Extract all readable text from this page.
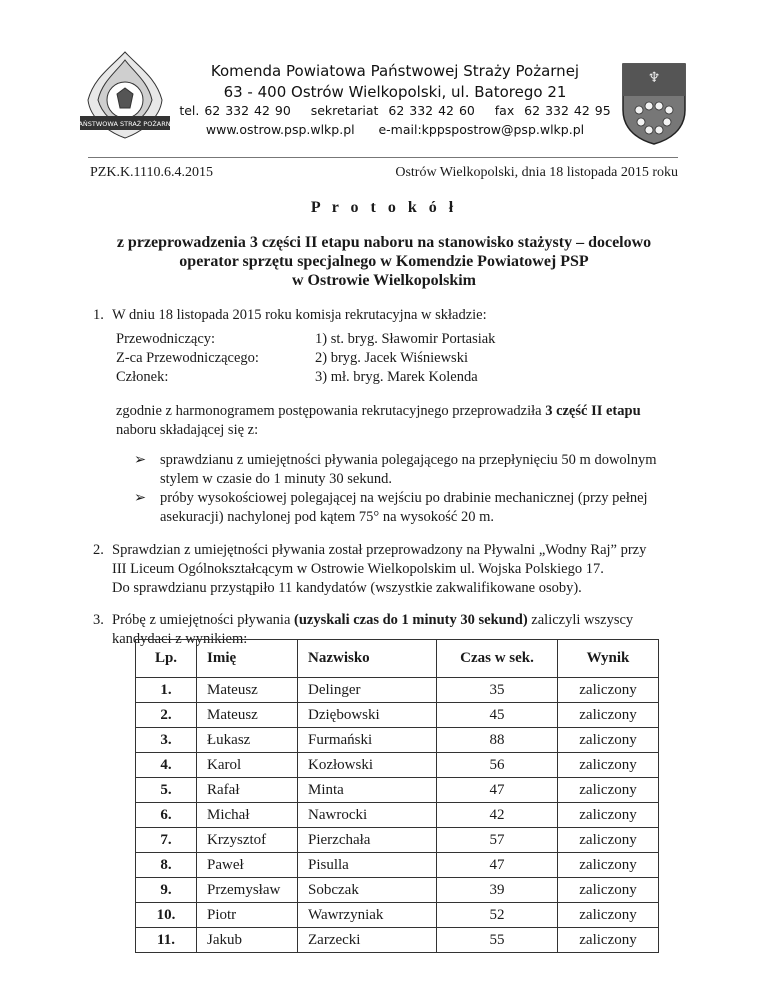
PAŃSTWOWA STRAŻ POŻARNA
♆
Komenda Powiatowa Państwowej Straży Pożarnej
63 - 400 Ostrów Wielkopolski, ul. Batorego 21
tel. 62 332 42 90    sekretariat  62 332 42 60    fax  62 332 42 95
www.ostrow.psp.wlkp.pl      e-mail:kppspostrow@psp.wlkp.pl
PZK.K.1110.6.4.2015	Ostrów Wielkopolski, dnia 18 listopada 2015 roku
P r o t o k ó ł
z przeprowadzenia 3 części II etapu naboru na stanowisko stażysty – docelowo
operator sprzętu specjalnego w Komendzie Powiatowej PSP
w Ostrowie Wielkopolskim
1. W dniu 18 listopada 2015 roku komisja rekrutacyjna w składzie:
Przewodniczący:	1) st. bryg. Sławomir Portasiak
Z-ca Przewodniczącego:	2) bryg. Jacek Wiśniewski
Członek:	3) mł. bryg. Marek Kolenda
zgodnie z harmonogramem postępowania rekrutacyjnego przeprowadziła 3 część II etapu
naboru składającej się z:
➢ sprawdzianu z umiejętności pływania polegającego na przepłynięciu 50 m dowolnym
stylem w czasie do 1 minuty 30 sekund.
➢ próby wysokościowej polegającej na wejściu po drabinie mechanicznej (przy pełnej
asekuracji) nachylonej pod kątem 75° na wysokość 20 m.
2. Sprawdzian z umiejętności pływania został przeprowadzony na Pływalni „Wodny Raj” przy
III Liceum Ogólnokształcącym w Ostrowie Wielkopolskim ul. Wojska Polskiego 17.
Do sprawdzianu przystąpiło 11 kandydatów (wszystkie zakwalifikowane osoby).
3. Próbę z umiejętności pływania (uzyskali czas do 1 minuty 30 sekund) zaliczyli wszyscy
kandydaci z wynikiem:
Lp.	Imię	Nazwisko	Czas w sek.	Wynik
1.	Mateusz	Delinger	35	zaliczony
2.	Mateusz	Dziębowski	45	zaliczony
3.	Łukasz	Furmański	88	zaliczony
4.	Karol	Kozłowski	56	zaliczony
5.	Rafał	Minta	47	zaliczony
6.	Michał	Nawrocki	42	zaliczony
7.	Krzysztof	Pierzchała	57	zaliczony
8.	Paweł	Pisulla	47	zaliczony
9.	Przemysław	Sobczak	39	zaliczony
10.	Piotr	Wawrzyniak	52	zaliczony
11.	Jakub	Zarzecki	55	zaliczony
